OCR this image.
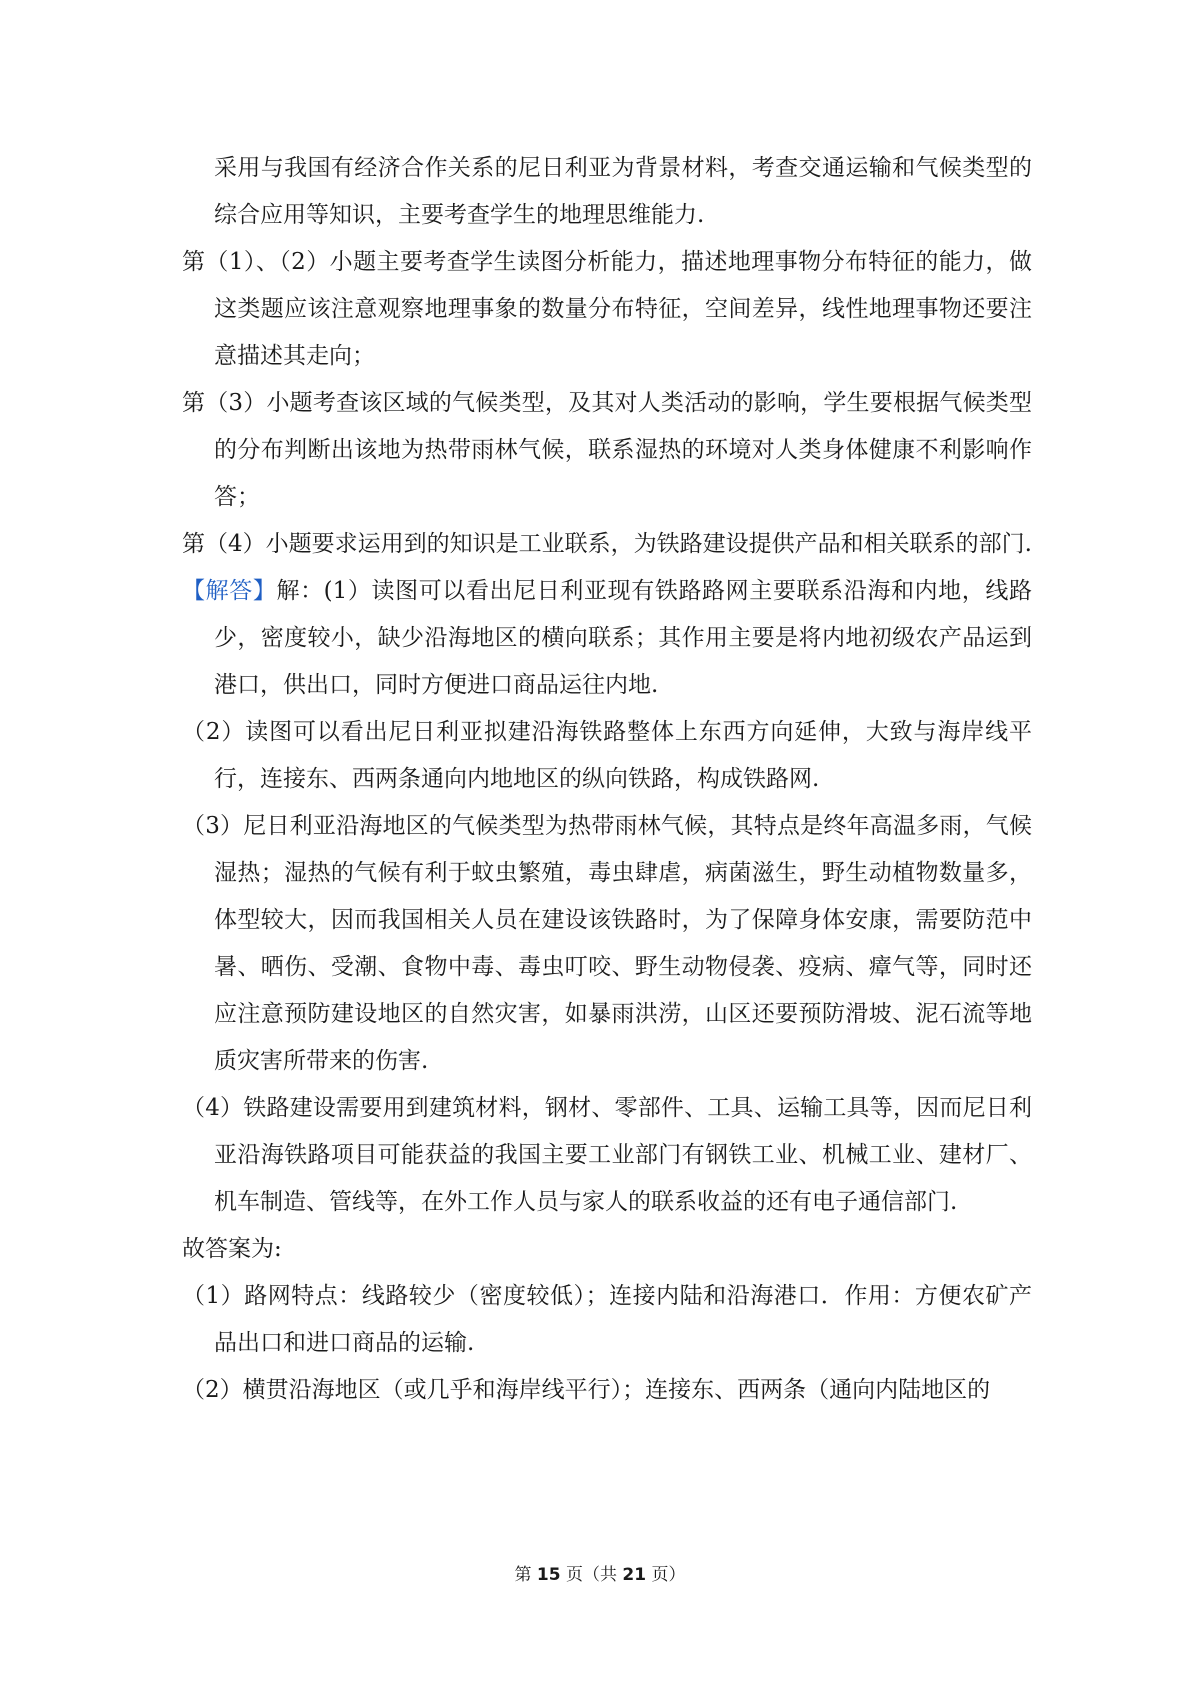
采用与我国有经济合作关系的尼日利亚为背景材料，考查交通运输和气候类型的综合应用等知识，主要考查学生的地理思维能力.

第（1）、（2）小题主要考查学生读图分析能力，描述地理事物分布特征的能力，做这类题应该注意观察地理事象的数量分布特征，空间差异，线性地理事物还要注意描述其走向；

第（3）小题考查该区域的气候类型，及其对人类活动的影响，学生要根据气候类型的分布判断出该地为热带雨林气候，联系湿热的环境对人类身体健康不利影响作答；

第（4）小题要求运用到的知识是工业联系，为铁路建设提供产品和相关联系的部门.

【解答】解：(1）读图可以看出尼日利亚现有铁路路网主要联系沿海和内地，线路少，密度较小，缺少沿海地区的横向联系；其作用主要是将内地初级农产品运到港口，供出口，同时方便进口商品运往内地.

（2）读图可以看出尼日利亚拟建沿海铁路整体上东西方向延伸，大致与海岸线平行，连接东、西两条通向内地地区的纵向铁路，构成铁路网.

（3）尼日利亚沿海地区的气候类型为热带雨林气候，其特点是终年高温多雨，气候湿热；湿热的气候有利于蚊虫繁殖，毒虫肆虐，病菌滋生，野生动植物数量多，体型较大，因而我国相关人员在建设该铁路时，为了保障身体安康，需要防范中暑、晒伤、受潮、食物中毒、毒虫叮咬、野生动物侵袭、疫病、瘴气等，同时还应注意预防建设地区的自然灾害，如暴雨洪涝，山区还要预防滑坡、泥石流等地质灾害所带来的伤害.

（4）铁路建设需要用到建筑材料，钢材、零部件、工具、运输工具等，因而尼日利亚沿海铁路项目可能获益的我国主要工业部门有钢铁工业、机械工业、建材厂、机车制造、管线等，在外工作人员与家人的联系收益的还有电子通信部门.

故答案为:

（1）路网特点：线路较少（密度较低）；连接内陆和沿海港口．作用：方便农矿产品出口和进口商品的运输.

（2）横贯沿海地区（或几乎和海岸线平行）；连接东、西两条（通向内陆地区的

第 15 页（共 21 页）
